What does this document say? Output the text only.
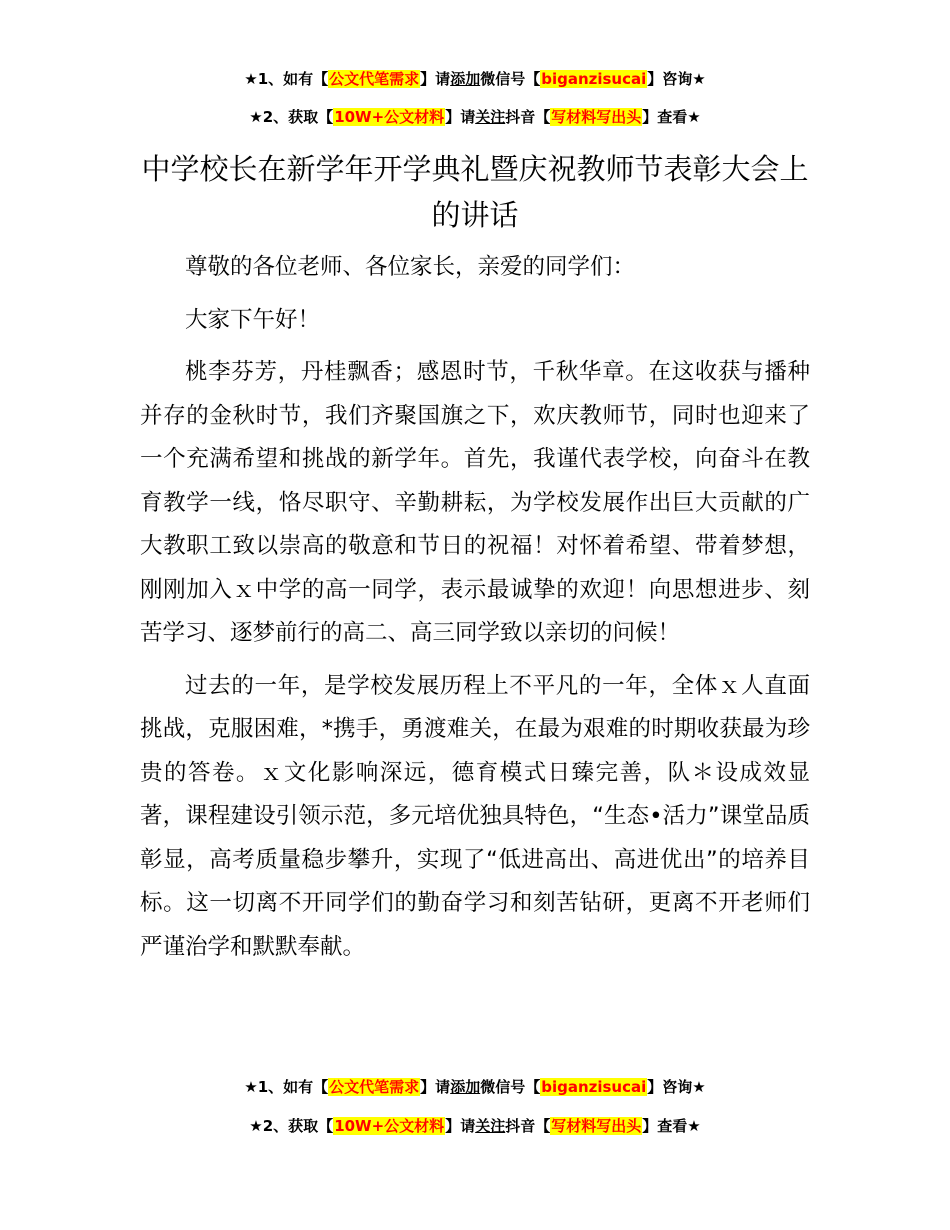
★1、如有【公文代笔需求】请添加微信号【biganzisucai】咨询★
★2、获取【10W+公文材料】请关注抖音【写材料写出头】查看★
中学校长在新学年开学典礼暨庆祝教师节表彰大会上的讲话

尊敬的各位老师、各位家长，亲爱的同学们：

大家下午好！

桃李芬芳，丹桂飘香；感恩时节，千秋华章。在这收获与播种并存的金秋时节，我们齐聚国旗之下，欢庆教师节，同时也迎来了一个充满希望和挑战的新学年。首先，我谨代表学校，向奋斗在教育教学一线，恪尽职守、辛勤耕耘，为学校发展作出巨大贡献的广大教职工致以崇高的敬意和节日的祝福！对怀着希望、带着梦想，刚刚加入ｘ中学的高一同学，表示最诚挚的欢迎！向思想进步、刻苦学习、逐梦前行的高二、高三同学致以亲切的问候！

过去的一年，是学校发展历程上不平凡的一年，全体ｘ人直面挑战，克服困难，*携手，勇渡难关，在最为艰难的时期收获最为珍贵的答卷。ｘ文化影响深远，德育模式日臻完善，队＊设成效显著，课程建设引领示范，多元培优独具特色，“生态•活力”课堂品质彰显，高考质量稳步攀升，实现了“低进高出、高进优出”的培养目标。这一切离不开同学们的勤奋学习和刻苦钻研，更离不开老师们严谨治学和默默奉献。

★1、如有【公文代笔需求】请添加微信号【biganzisucai】咨询★
★2、获取【10W+公文材料】请关注抖音【写材料写出头】查看★
